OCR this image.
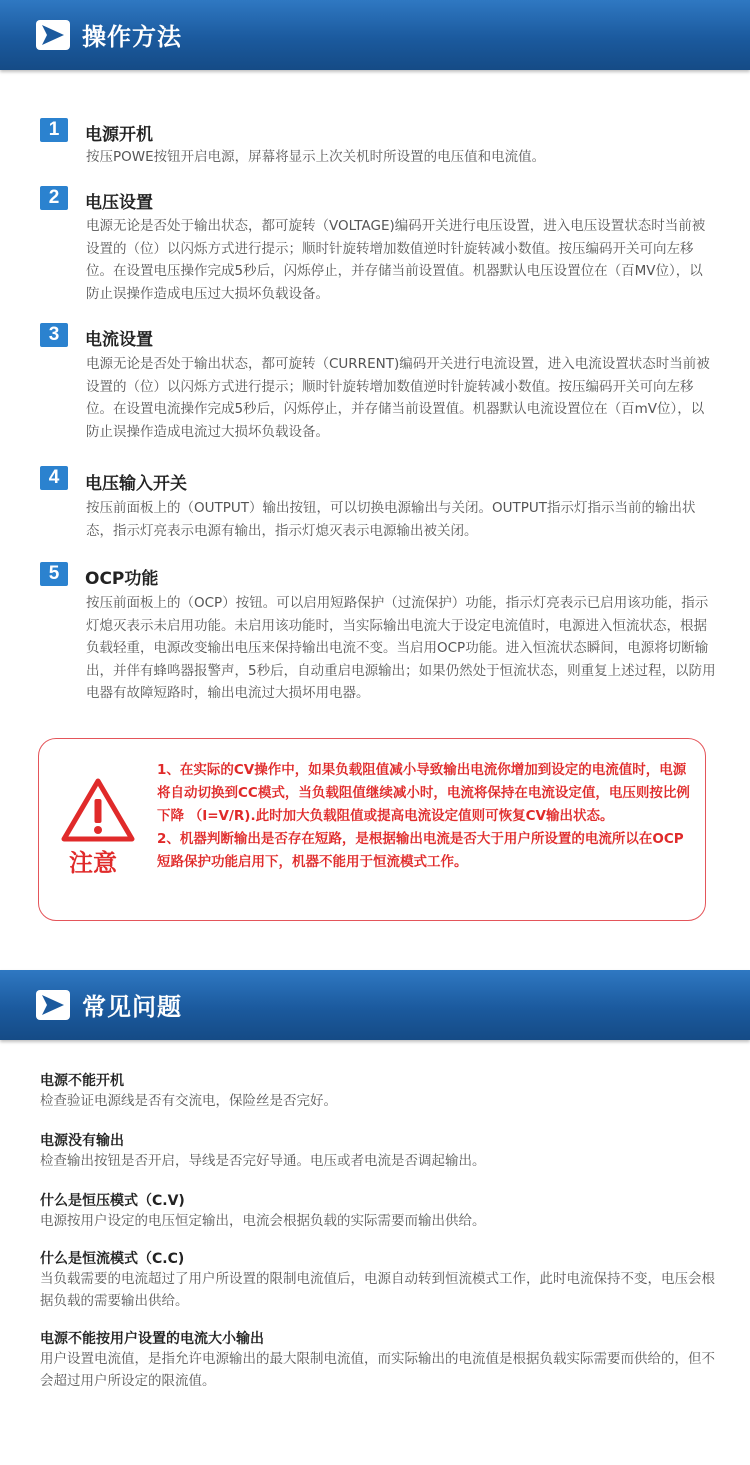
操作方法
1	电源开机
按压POWE按钮开启电源，屏幕将显示上次关机时所设置的电压值和电流值。
2	电压设置
电源无论是否处于输出状态，都可旋转（VOLTAGE)编码开关进行电压设置，进入电压设置状态时当前被设置的（位）以闪烁方式进行提示；顺时针旋转增加数值逆时针旋转减小数值。按压编码开关可向左移位。在设置电压操作完成5秒后，闪烁停止，并存储当前设置值。机器默认电压设置位在（百MV位），以防止误操作造成电压过大损坏负载设备。
3	电流设置
电源无论是否处于输出状态，都可旋转（CURRENT)编码开关进行电流设置，进入电流设置状态时当前被设置的（位）以闪烁方式进行提示；顺时针旋转增加数值逆时针旋转减小数值。按压编码开关可向左移位。在设置电流操作完成5秒后，闪烁停止，并存储当前设置值。机器默认电流设置位在（百mV位），以防止误操作造成电流过大损坏负载设备。
4	电压输入开关
按压前面板上的（OUTPUT）输出按钮，可以切换电源输出与关闭。OUTPUT指示灯指示当前的输出状态，指示灯亮表示电源有输出，指示灯熄灭表示电源输出被关闭。
5	OCP功能
按压前面板上的（OCP）按钮。可以启用短路保护（过流保护）功能，指示灯亮表示已启用该功能，指示灯熄灭表示未启用功能。未启用该功能时，当实际输出电流大于设定电流值时，电源进入恒流状态，根据负载轻重，电源改变输出电压来保持输出电流不变。当启用OCP功能。进入恒流状态瞬间，电源将切断输出，并伴有蜂鸣器报警声，5秒后，自动重启电源输出；如果仍然处于恒流状态，则重复上述过程，以防用电器有故障短路时，输出电流过大损坏用电器。
注意
1、在实际的CV操作中，如果负载阻值减小导致输出电流你增加到设定的电流值时，电源将自动切换到CC模式，当负载阻值继续减小时，电流将保持在电流设定值，电压则按比例下降 （I=V/R).此时加大负载阻值或提高电流设定值则可恢复CV输出状态。
2、机器判断输出是否存在短路，是根据输出电流是否大于用户所设置的电流所以在OCP短路保护功能启用下，机器不能用于恒流模式工作。
常见问题
电源不能开机
检查验证电源线是否有交流电，保险丝是否完好。
电源没有输出
检查输出按钮是否开启，导线是否完好导通。电压或者电流是否调起输出。
什么是恒压模式（C.V)
电源按用户设定的电压恒定输出，电流会根据负载的实际需要而输出供给。
什么是恒流模式（C.C)
当负载需要的电流超过了用户所设置的限制电流值后，电源自动转到恒流模式工作，此时电流保持不变，电压会根据负载的需要输出供给。
电源不能按用户设置的电流大小输出
用户设置电流值，是指允许电源输出的最大限制电流值，而实际输出的电流值是根据负载实际需要而供给的，但不会超过用户所设定的限流值。
